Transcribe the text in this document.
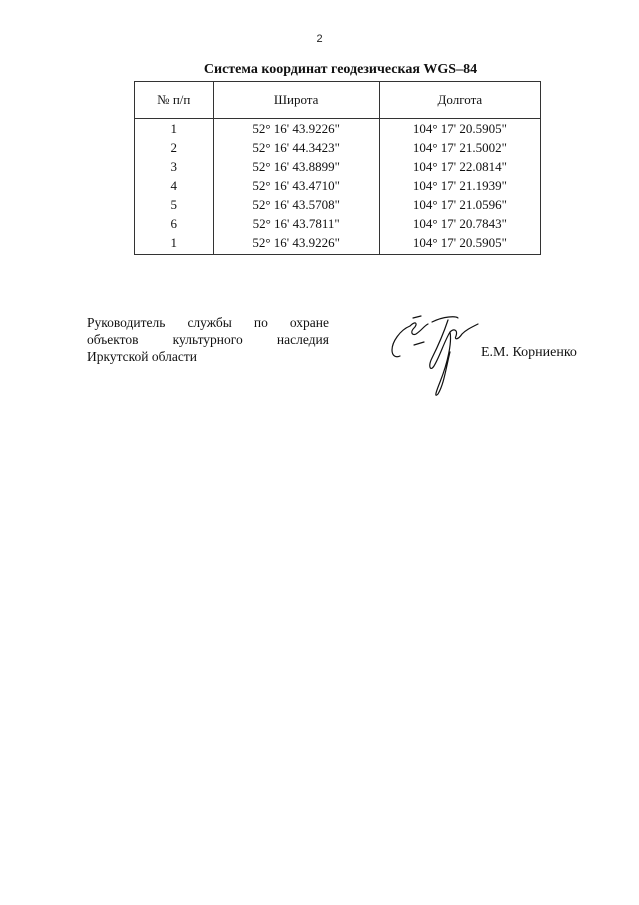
2
Система координат геодезическая WGS–84
№ п/п	Широта	Долгота
1	52° 16' 43.9226"	104° 17' 20.5905"
2	52° 16' 44.3423"	104° 17' 21.5002"
3	52° 16' 43.8899"	104° 17' 22.0814"
4	52° 16' 43.4710"	104° 17' 21.1939"
5	52° 16' 43.5708"	104° 17' 21.0596"
6	52° 16' 43.7811"	104° 17' 20.7843"
1	52° 16' 43.9226"	104° 17' 20.5905"
Руководитель службы по охране
объектов культурного наследия
Иркутской области	Е.М. Корниенко
